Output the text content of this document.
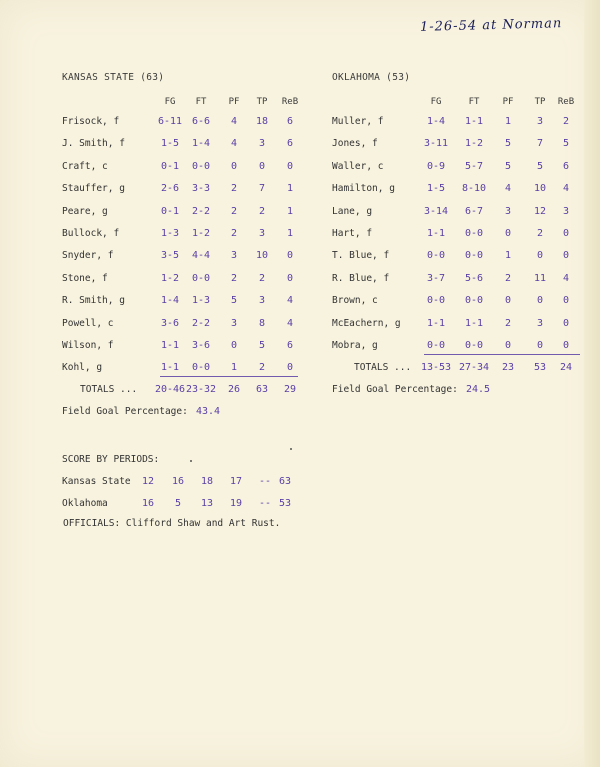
1-26-54 at Norman
KANSAS STATE (63)
FG	FT	PF	TP	ReB
Frisock, f	6-11 6-6	4	18	6
J. Smith, f	1-5	1-4	4	3	6
Craft, c	0-1	0-0	0	0	0
Stauffer, g	2-6	3-3	2	7	1
Peare, g	0-1	2-2	2	2	1
Bullock, f	1-3	1-2	2	3	1
Snyder, f	3-5	4-4	3	10	0
Stone, f	1-2	0-0	2	2	0
R. Smith, g	1-4	1-3	5	3	4
Powell, c	3-6	2-2	3	8	4
Wilson, f	1-1	3-6	0	5	6
Kohl, g	1-1	0-0	1	2	0
TOTALS ...	20-46 23-32	26	63	29
Field Goal Percentage: 43.4
OKLAHOMA (53)
FG	FT	PF	TP	ReB
Muller, f	1-4	1-1	1	3	2
Jones, f	3-11	1-2	5	7	5
Waller, c	0-9	5-7	5	5	6
Hamilton, g	1-5	8-10	4	10	4
Lane, g	3-14	6-7	3	12	3
Hart, f	1-1	0-0	0	2	0
T. Blue, f	0-0	0-0	1	0	0
R. Blue, f	3-7	5-6	2	11	4
Brown, c	0-0	0-0	0	0	0
McEachern, g	1-1	1-1	2	3	0
Mobra, g	0-0	0-0	0	0	0
TOTALS ... 13-53 27-34	23	53	24
Field Goal Percentage: 24.5
SCORE BY PERIODS:
Kansas State	12	16	18	17	-- 63
Oklahoma	16	5	13	19	-- 53
OFFICIALS: Clifford Shaw and Art Rust.
